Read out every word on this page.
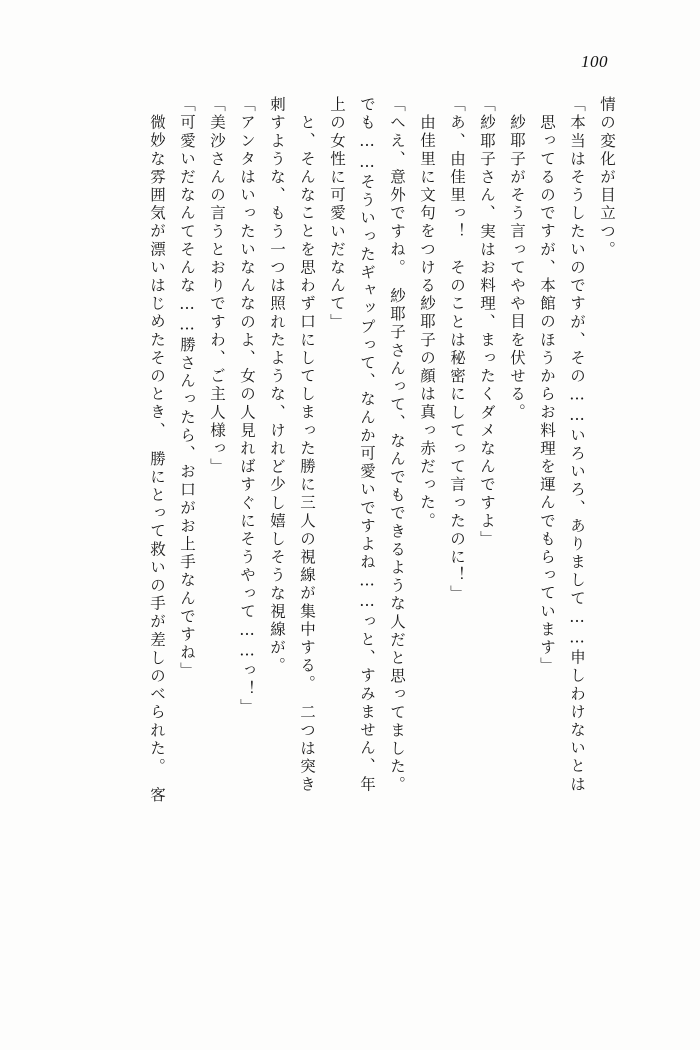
100
情の変化が目立つ。
「本当はそうしたいのですが、その……いろいろ、ありまして……申しわけないとは
思ってるのですが、本館のほうからお料理を運んでもらっています」
紗耶子がそう言ってやや目を伏せる。
「紗耶子さん、実はお料理、まったくダメなんですよ」
「あ、由佳里っ！　そのことは秘密にしてって言ったのに！」
由佳里に文句をつける紗耶子の顔は真っ赤だった。
「へえ、意外ですね。　紗耶子さんって、なんでもできるような人だと思ってました。
でも……そういったギャップって、なんか可愛いですよね……っと、すみません、年
上の女性に可愛いだなんて」
と、そんなことを思わず口にしてしまった勝に三人の視線が集中する。　二つは突き
刺すような、もう一つは照れたような、けれど少し嬉しそうな視線が。
「アンタはいったいなんなのよ、女の人見ればすぐにそうやって……っ！」
「美沙さんの言うとおりですわ、ご主人様っ」
「可愛いだなんてそんな……勝さんったら、お口がお上手なんですね」
微妙な雰囲気が漂いはじめたそのとき、　勝にとって救いの手が差しのべられた。　客
